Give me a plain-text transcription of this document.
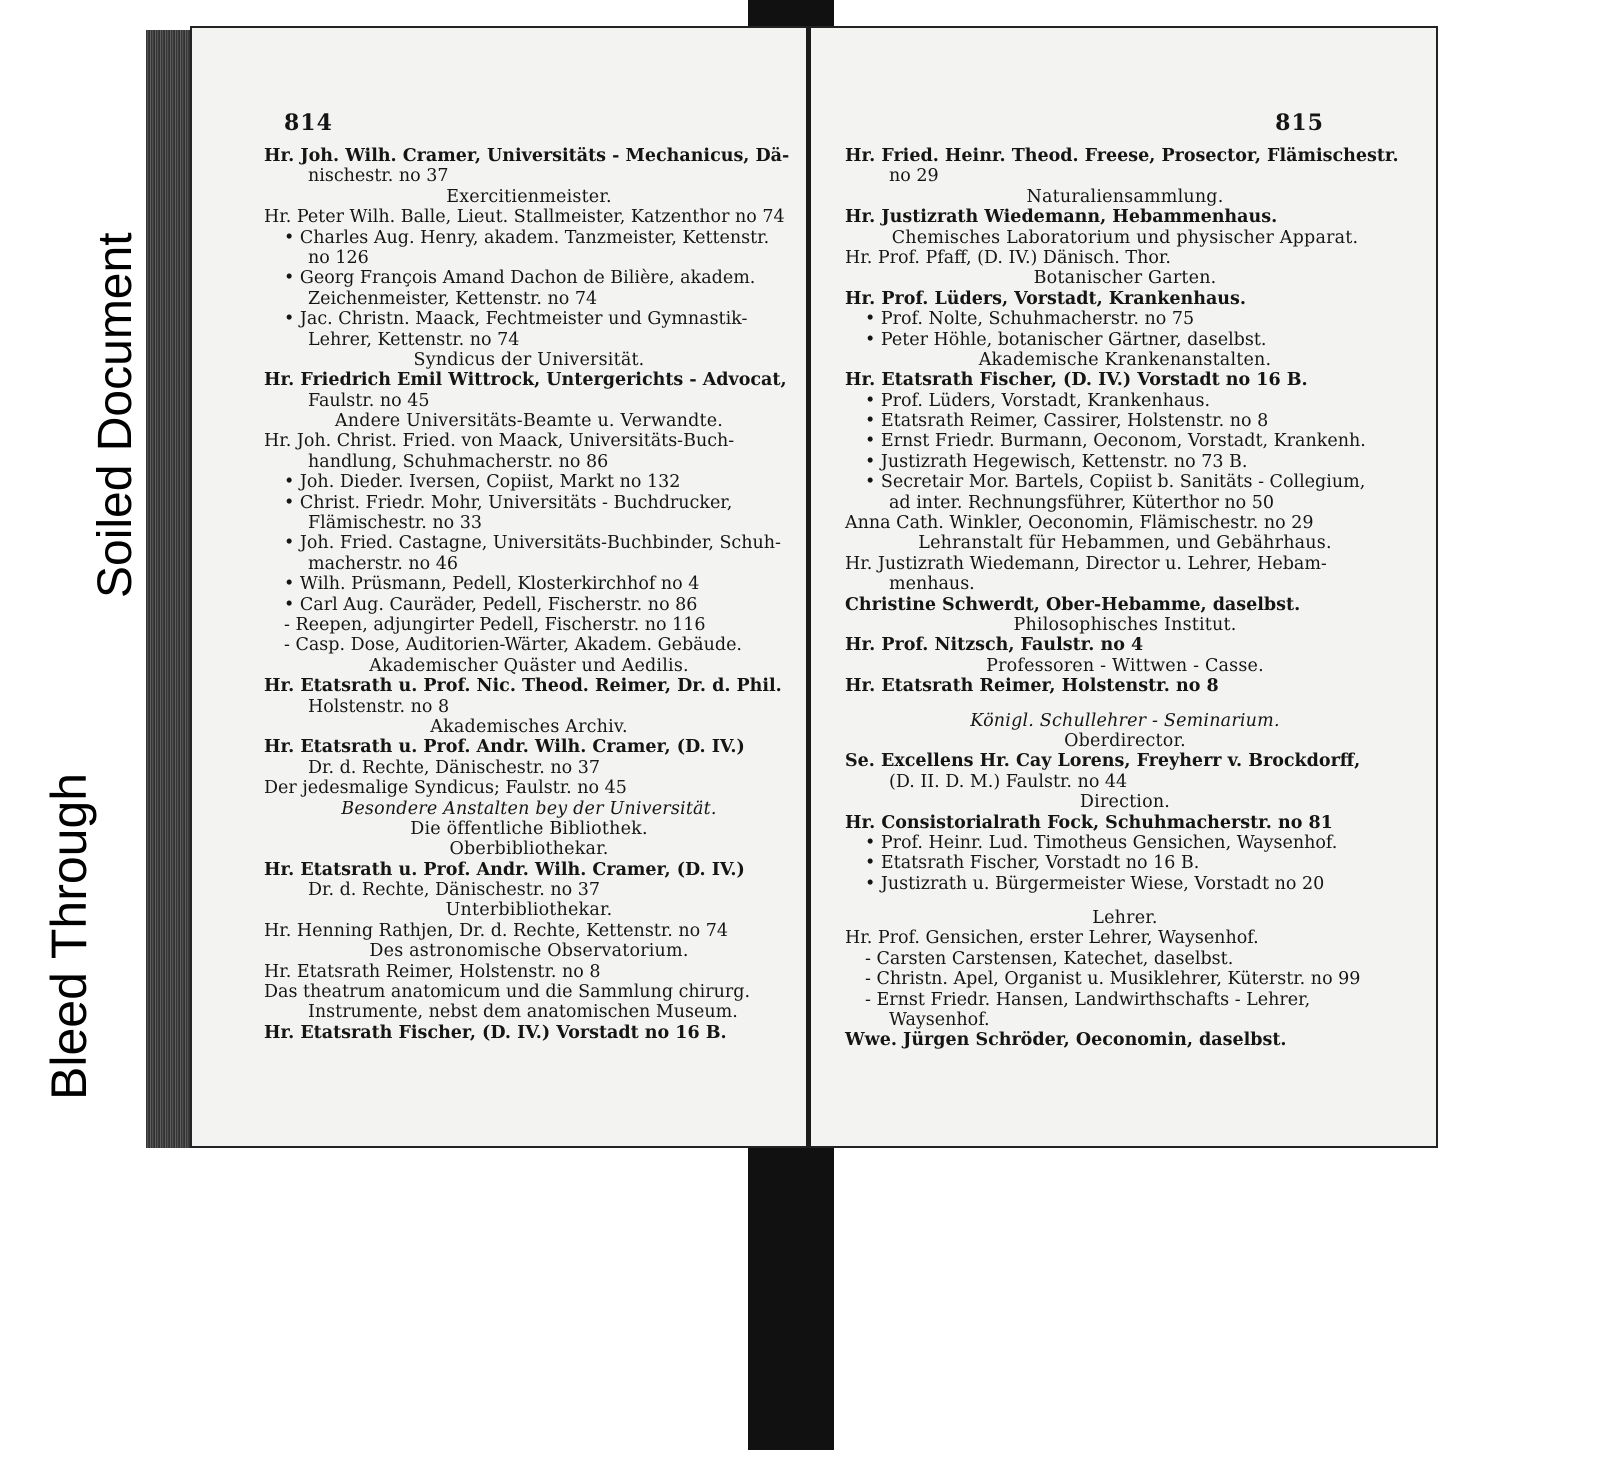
Soiled Document
Bleed Through
814
Hr. Joh. Wilh. Cramer, Universitäts - Mechanicus, Dä-
nischestr. no 37
Exercitienmeister.
Hr. Peter Wilh. Balle, Lieut. Stallmeister, Katzenthor no 74
• Charles Aug. Henry, akadem. Tanzmeister, Kettenstr.
no 126
• Georg François Amand Dachon de Bilière, akadem.
Zeichenmeister, Kettenstr. no 74
• Jac. Christn. Maack, Fechtmeister und Gymnastik-
Lehrer, Kettenstr. no 74
Syndicus der Universität.
Hr. Friedrich Emil Wittrock, Untergerichts - Advocat,
Faulstr. no 45
Andere Universitäts-Beamte u. Verwandte.
Hr. Joh. Christ. Fried. von Maack, Universitäts-Buch-
handlung, Schuhmacherstr. no 86
• Joh. Dieder. Iversen, Copiist, Markt no 132
• Christ. Friedr. Mohr, Universitäts - Buchdrucker,
Flämischestr. no 33
• Joh. Fried. Castagne, Universitäts-Buchbinder, Schuh-
macherstr. no 46
• Wilh. Prüsmann, Pedell, Klosterkirchhof no 4
• Carl Aug. Cauräder, Pedell, Fischerstr. no 86
- Reepen, adjungirter Pedell, Fischerstr. no 116
- Casp. Dose, Auditorien-Wärter, Akadem. Gebäude.
Akademischer Quäster und Aedilis.
Hr. Etatsrath u. Prof. Nic. Theod. Reimer, Dr. d. Phil.
Holstenstr. no 8
Akademisches Archiv.
Hr. Etatsrath u. Prof. Andr. Wilh. Cramer, (D. IV.)
Dr. d. Rechte, Dänischestr. no 37
Der jedesmalige Syndicus; Faulstr. no 45
Besondere Anstalten bey der Universität.
Die öffentliche Bibliothek.
Oberbibliothekar.
Hr. Etatsrath u. Prof. Andr. Wilh. Cramer, (D. IV.)
Dr. d. Rechte, Dänischestr. no 37
Unterbibliothekar.
Hr. Henning Rathjen, Dr. d. Rechte, Kettenstr. no 74
Des astronomische Observatorium.
Hr. Etatsrath Reimer, Holstenstr. no 8
Das theatrum anatomicum und die Sammlung chirurg.
Instrumente, nebst dem anatomischen Museum.
Hr. Etatsrath Fischer, (D. IV.) Vorstadt no 16 B.
815
Hr. Fried. Heinr. Theod. Freese, Prosector, Flämischestr.
no 29
Naturaliensammlung.
Hr. Justizrath Wiedemann, Hebammenhaus.
Chemisches Laboratorium und physischer Apparat.
Hr. Prof. Pfaff, (D. IV.) Dänisch. Thor.
Botanischer Garten.
Hr. Prof. Lüders, Vorstadt, Krankenhaus.
• Prof. Nolte, Schuhmacherstr. no 75
• Peter Höhle, botanischer Gärtner, daselbst.
Akademische Krankenanstalten.
Hr. Etatsrath Fischer, (D. IV.) Vorstadt no 16 B.
• Prof. Lüders, Vorstadt, Krankenhaus.
• Etatsrath Reimer, Cassirer, Holstenstr. no 8
• Ernst Friedr. Burmann, Oeconom, Vorstadt, Krankenh.
• Justizrath Hegewisch, Kettenstr. no 73 B.
• Secretair Mor. Bartels, Copiist b. Sanitäts - Collegium,
ad inter. Rechnungsführer, Küterthor no 50
Anna Cath. Winkler, Oeconomin, Flämischestr. no 29
Lehranstalt für Hebammen, und Gebährhaus.
Hr. Justizrath Wiedemann, Director u. Lehrer, Hebam-
menhaus.
Christine Schwerdt, Ober-Hebamme, daselbst.
Philosophisches Institut.
Hr. Prof. Nitzsch, Faulstr. no 4
Professoren - Wittwen - Casse.
Hr. Etatsrath Reimer, Holstenstr. no 8
Königl. Schullehrer - Seminarium.
Oberdirector.
Se. Excellens Hr. Cay Lorens, Freyherr v. Brockdorff,
(D. II. D. M.) Faulstr. no 44
Direction.
Hr. Consistorialrath Fock, Schuhmacherstr. no 81
• Prof. Heinr. Lud. Timotheus Gensichen, Waysenhof.
• Etatsrath Fischer, Vorstadt no 16 B.
• Justizrath u. Bürgermeister Wiese, Vorstadt no 20
Lehrer.
Hr. Prof. Gensichen, erster Lehrer, Waysenhof.
- Carsten Carstensen, Katechet, daselbst.
- Christn. Apel, Organist u. Musiklehrer, Küterstr. no 99
- Ernst Friedr. Hansen, Landwirthschafts - Lehrer,
Waysenhof.
Wwe. Jürgen Schröder, Oeconomin, daselbst.
